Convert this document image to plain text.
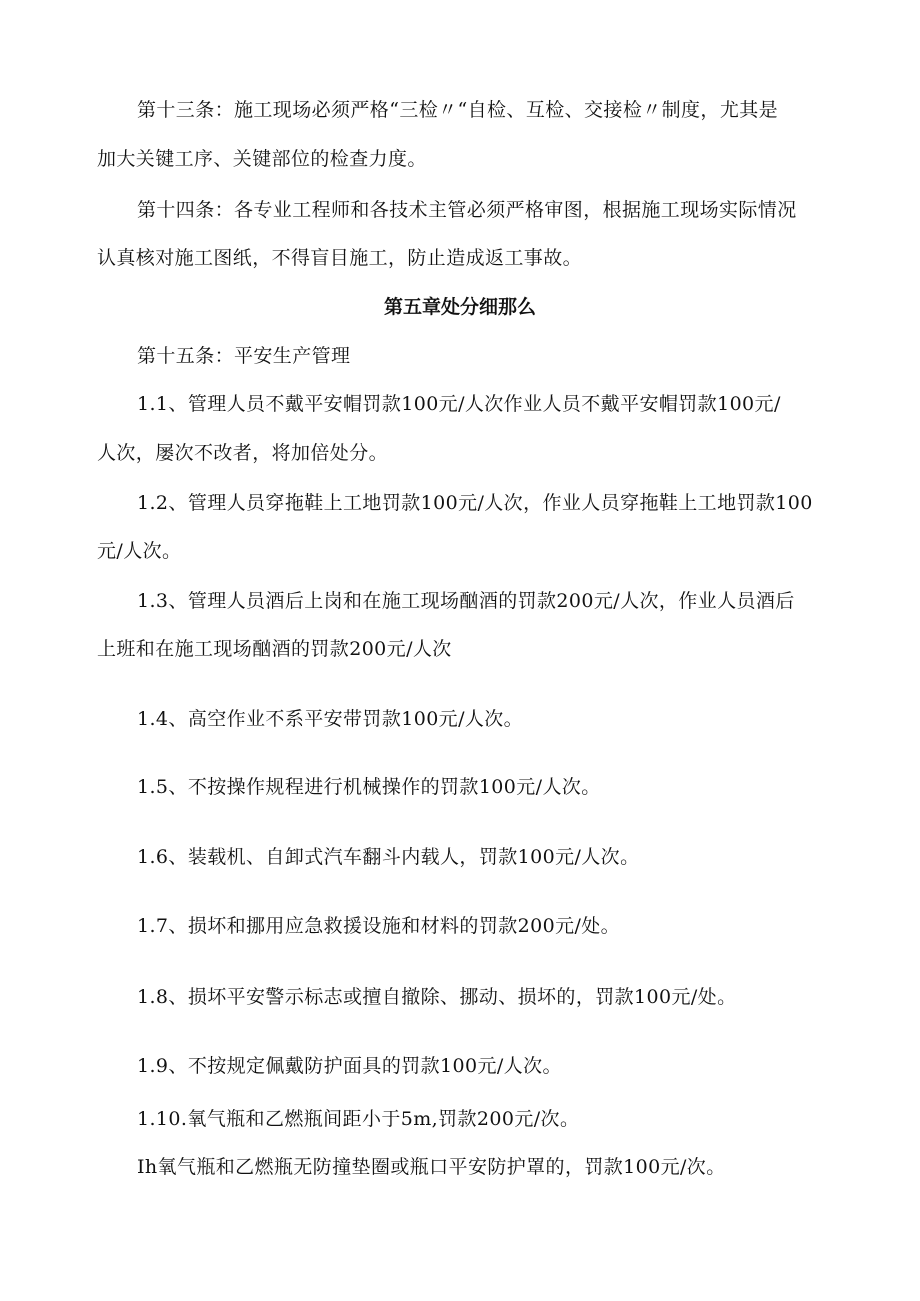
第十三条：施工现场必须严格“三检〃“自检、互检、交接检〃制度，尤其是
加大关键工序、关键部位的检查力度。
第十四条：各专业工程师和各技术主管必须严格审图，根据施工现场实际情况
认真核对施工图纸，不得盲目施工，防止造成返工事故。
第五章处分细那么
第十五条：平安生产管理
1.1、管理人员不戴平安帽罚款100元/人次作业人员不戴平安帽罚款100元/
人次，屡次不改者，将加倍处分。
1.2、管理人员穿拖鞋上工地罚款100元/人次，作业人员穿拖鞋上工地罚款100
元/人次。
1.3、管理人员酒后上岗和在施工现场酗酒的罚款200元/人次，作业人员酒后
上班和在施工现场酗酒的罚款200元/人次
1.4、高空作业不系平安带罚款100元/人次。
1.5、不按操作规程进行机械操作的罚款100元/人次。
1.6、装载机、自卸式汽车翻斗内载人，罚款100元/人次。
1.7、损坏和挪用应急救援设施和材料的罚款200元/处。
1.8、损坏平安警示标志或擅自撤除、挪动、损坏的，罚款100元/处。
1.9、不按规定佩戴防护面具的罚款100元/人次。
1.10.氧气瓶和乙燃瓶间距小于5m,罚款200元/次。
Ih氧气瓶和乙燃瓶无防撞垫圈或瓶口平安防护罩的，罚款100元/次。
